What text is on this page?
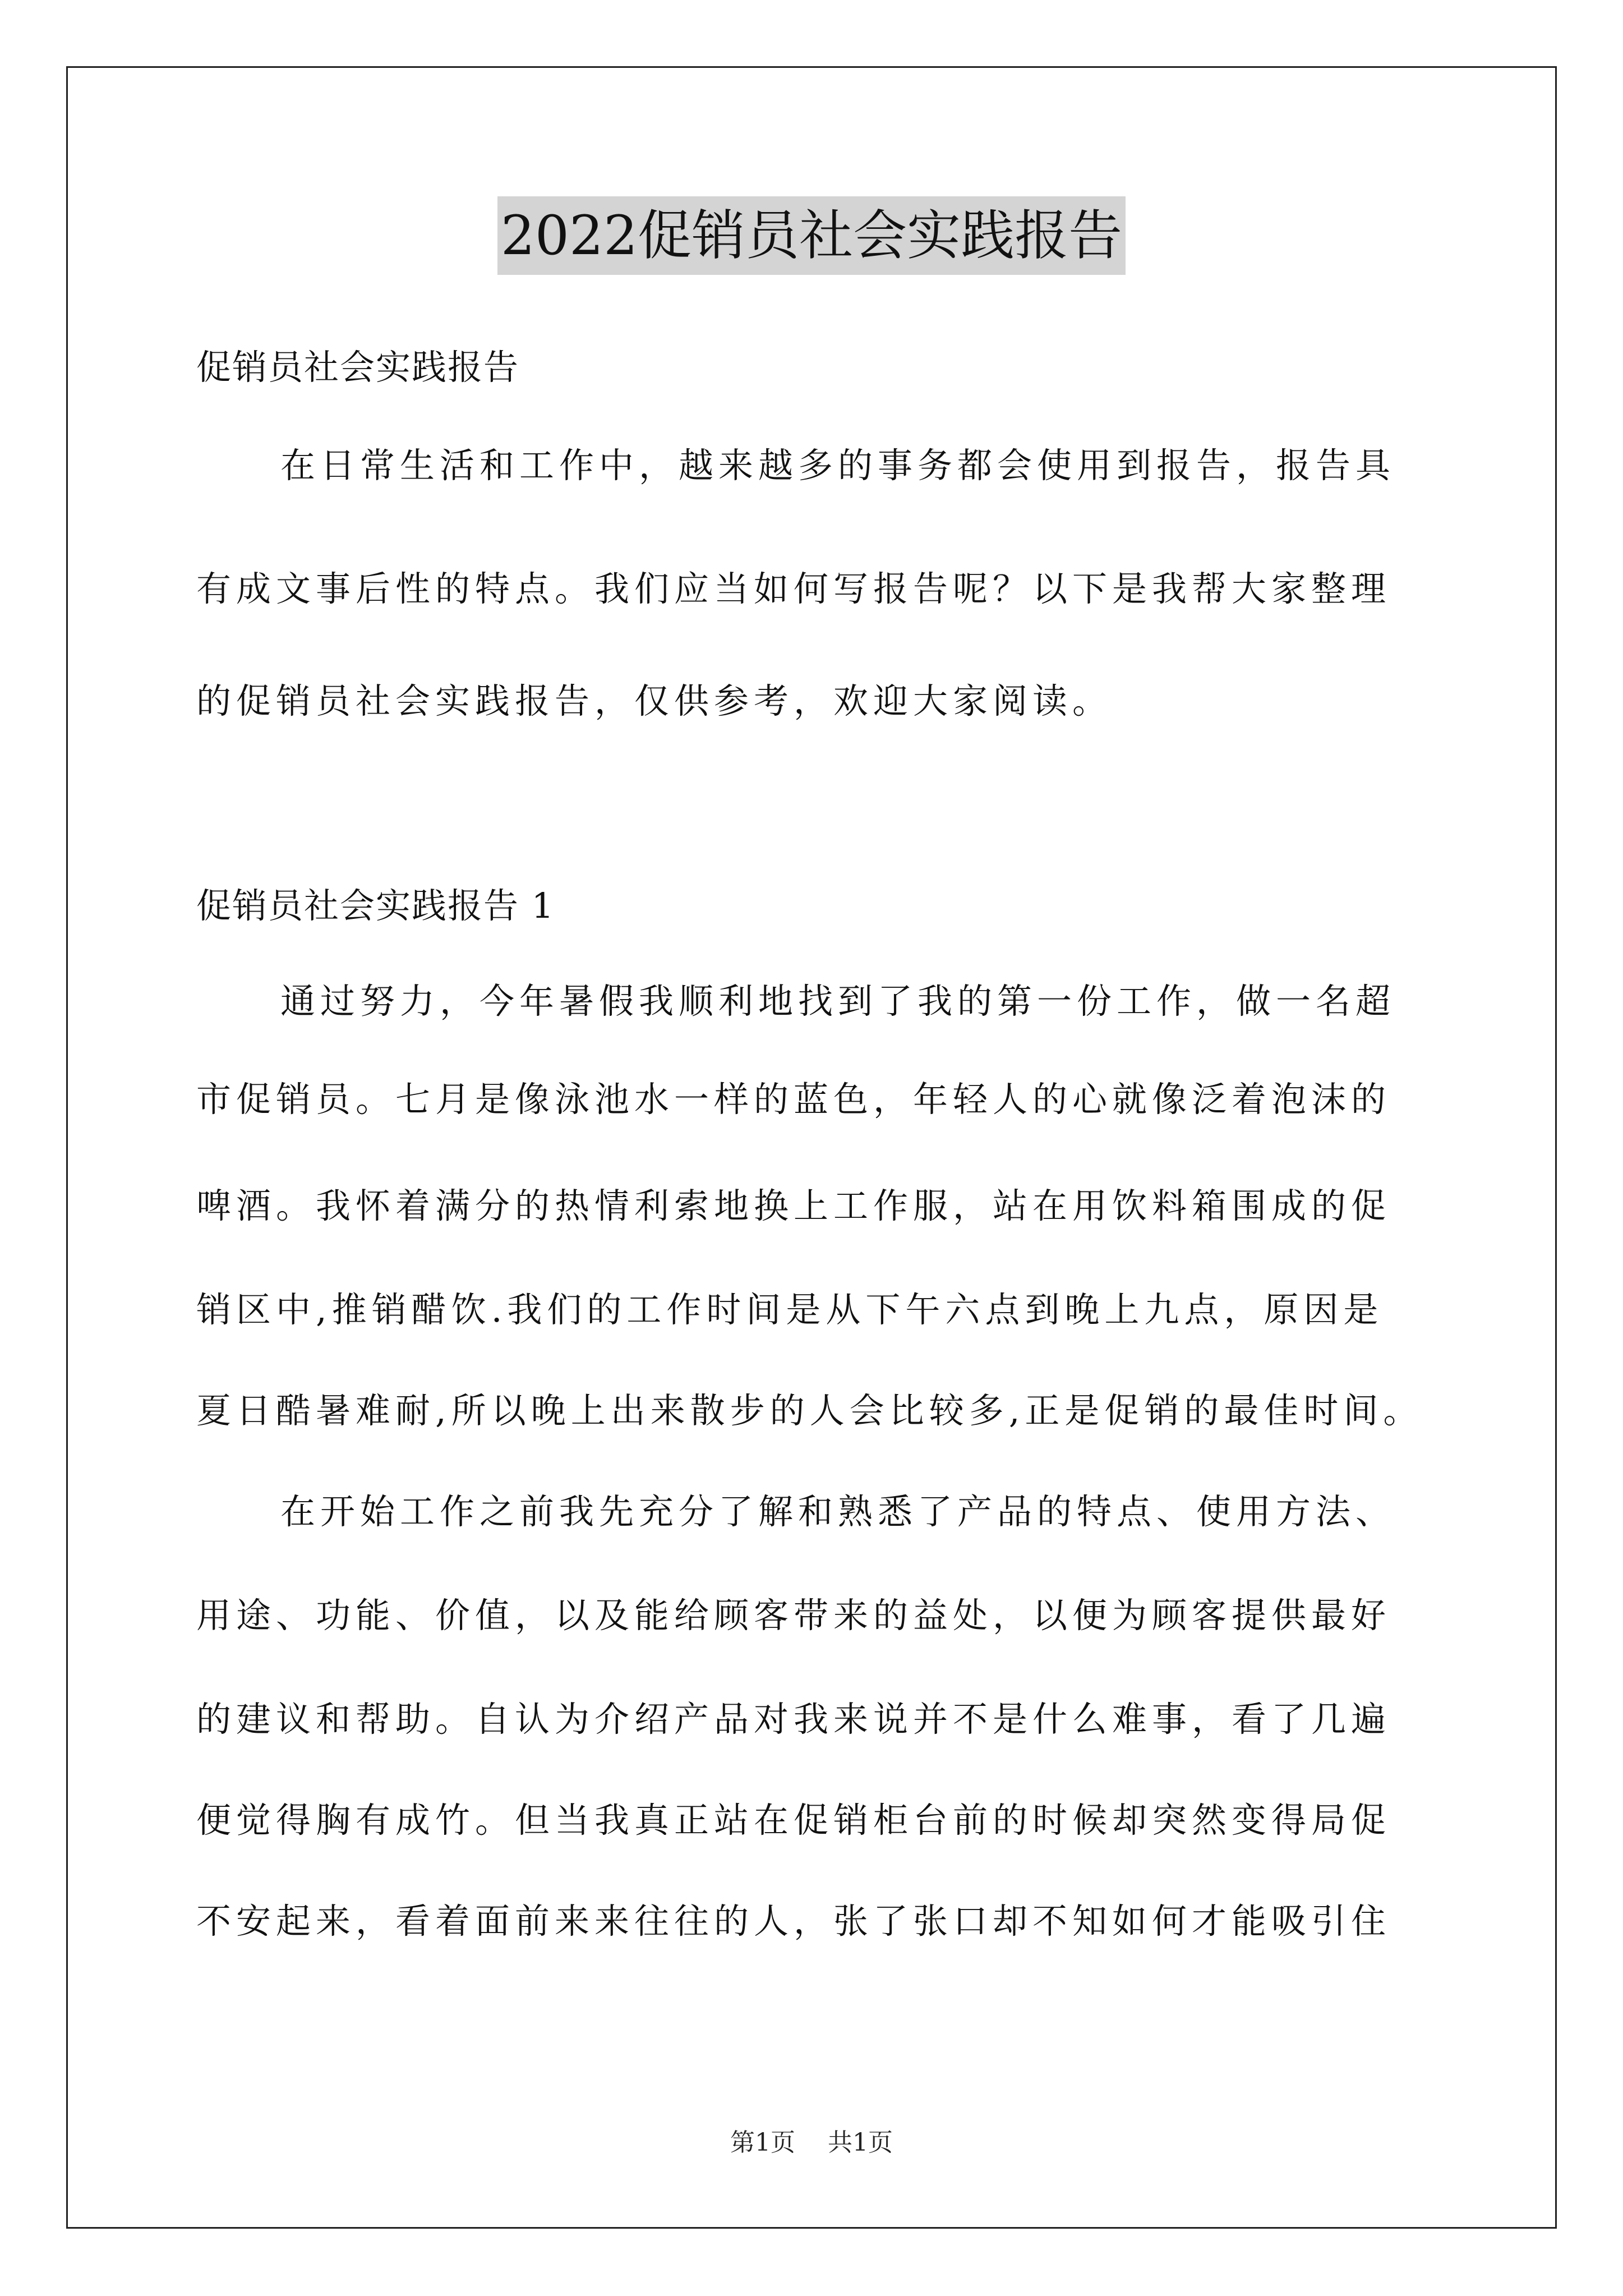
2022促销员社会实践报告
促销员社会实践报告
在日常生活和工作中，越来越多的事务都会使用到报告，报告具
有成文事后性的特点。我们应当如何写报告呢？以下是我帮大家整理
的促销员社会实践报告，仅供参考，欢迎大家阅读。
促销员社会实践报告 1
通过努力，今年暑假我顺利地找到了我的第一份工作，做一名超
市促销员。七月是像泳池水一样的蓝色，年轻人的心就像泛着泡沫的
啤酒。我怀着满分的热情利索地换上工作服，站在用饮料箱围成的促
销区中,推销醋饮.我们的工作时间是从下午六点到晚上九点，原因是
夏日酷暑难耐,所以晚上出来散步的人会比较多,正是促销的最佳时间。
在开始工作之前我先充分了解和熟悉了产品的特点、使用方法、
用途、功能、价值，以及能给顾客带来的益处，以便为顾客提供最好
的建议和帮助。自认为介绍产品对我来说并不是什么难事，看了几遍
便觉得胸有成竹。但当我真正站在促销柜台前的时候却突然变得局促
不安起来，看着面前来来往往的人，张了张口却不知如何才能吸引住
第1页 共1页
